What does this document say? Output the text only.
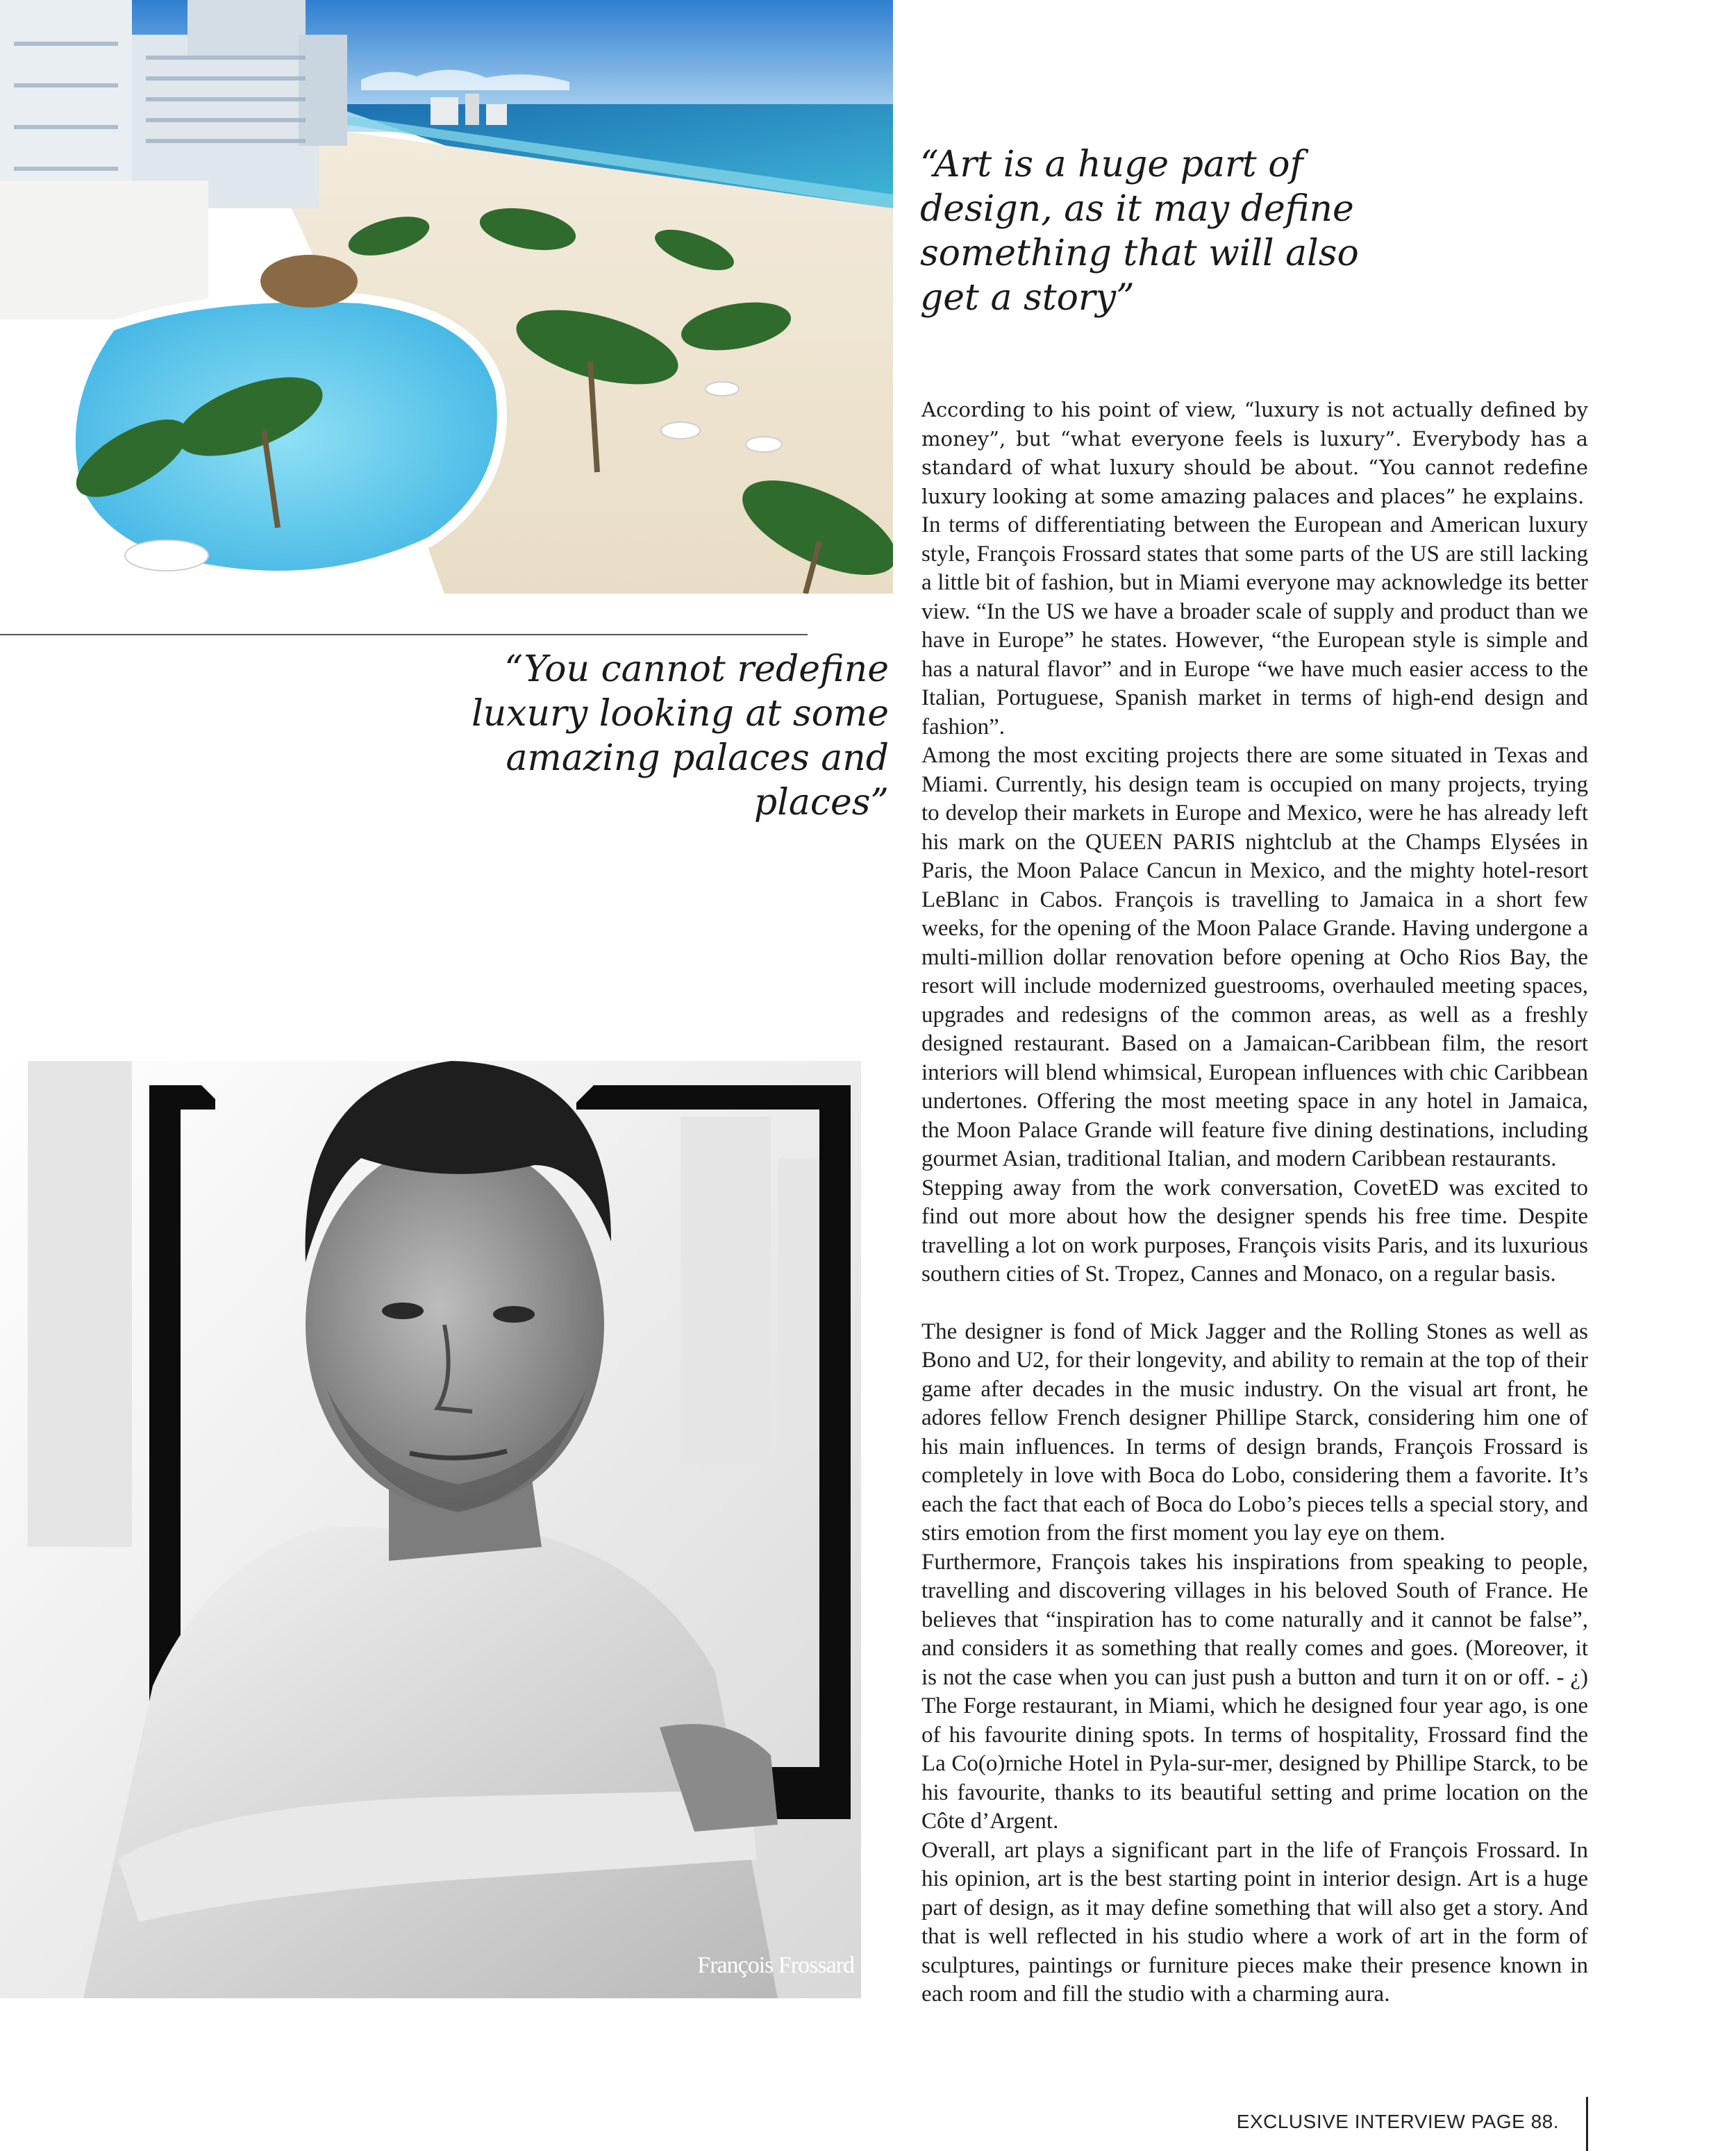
“Art is a huge part of design, as it may define something that will also get a story”

“You cannot redefine luxury looking at some amazing palaces and places”

According to his point of view, “luxury is not actually defined by money”, but “what everyone feels is luxury”. Everybody has a standard of what luxury should be about. “You cannot redefine luxury looking at some amazing palaces and places” he explains.

In terms of differentiating between the European and American luxury style, François Frossard states that some parts of the US are still lacking a little bit of fashion, but in Miami everyone may acknowledge its better view. “In the US we have a broader scale of supply and product than we have in Europe” he states. However, “the European style is simple and has a natural flavor” and in Europe “we have much easier access to the Italian, Portuguese, Spanish market in terms of high-end design and fashion”.

Among the most exciting projects there are some situated in Texas and Miami. Currently, his design team is occupied on many projects, trying to develop their markets in Europe and Mexico, were he has already left his mark on the QUEEN PARIS nightclub at the Champs Elysées in Paris, the Moon Palace Cancun in Mexico, and the mighty hotel-resort LeBlanc in Cabos. François is travelling to Jamaica in a short few weeks, for the opening of the Moon Palace Grande. Having undergone a multi-million dollar renovation before opening at Ocho Rios Bay, the resort will include modernized guestrooms, overhauled meeting spaces, upgrades and redesigns of the common areas, as well as a freshly designed restaurant. Based on a Jamaican-Caribbean film, the resort interiors will blend whimsical, European influences with chic Caribbean undertones. Offering the most meeting space in any hotel in Jamaica, the Moon Palace Grande will feature five dining destinations, including gourmet Asian, traditional Italian, and modern Caribbean restaurants.

Stepping away from the work conversation, CovetED was excited to find out more about how the designer spends his free time. Despite travelling a lot on work purposes, François visits Paris, and its luxurious southern cities of St. Tropez, Cannes and Monaco, on a regular basis.

The designer is fond of Mick Jagger and the Rolling Stones as well as Bono and U2, for their longevity, and ability to remain at the top of their game after decades in the music industry. On the visual art front, he adores fellow French designer Phillipe Starck, considering him one of his main influences. In terms of design brands, François Frossard is completely in love with Boca do Lobo, considering them a favorite. It’s each the fact that each of Boca do Lobo’s pieces tells a special story, and stirs emotion from the first moment you lay eye on them.

Furthermore, François takes his inspirations from speaking to people, travelling and discovering villages in his beloved South of France. He believes that “inspiration has to come naturally and it cannot be false”, and considers it as something that really comes and goes. (Moreover, it is not the case when you can just push a button and turn it on or off. - ¿) The Forge restaurant, in Miami, which he designed four year ago, is one of his favourite dining spots. In terms of hospitality, Frossard find the La Co(o)rniche Hotel in Pyla-sur-mer, designed by Phillipe Starck, to be his favourite, thanks to its beautiful setting and prime location on the Côte d’Argent.

Overall, art plays a significant part in the life of François Frossard. In his opinion, art is the best starting point in interior design. Art is a huge part of design, as it may define something that will also get a story. And that is well reflected in his studio where a work of art in the form of sculptures, paintings or furniture pieces make their presence known in each room and fill the studio with a charming aura.

François Frossard
EXCLUSIVE INTERVIEW PAGE 88.
